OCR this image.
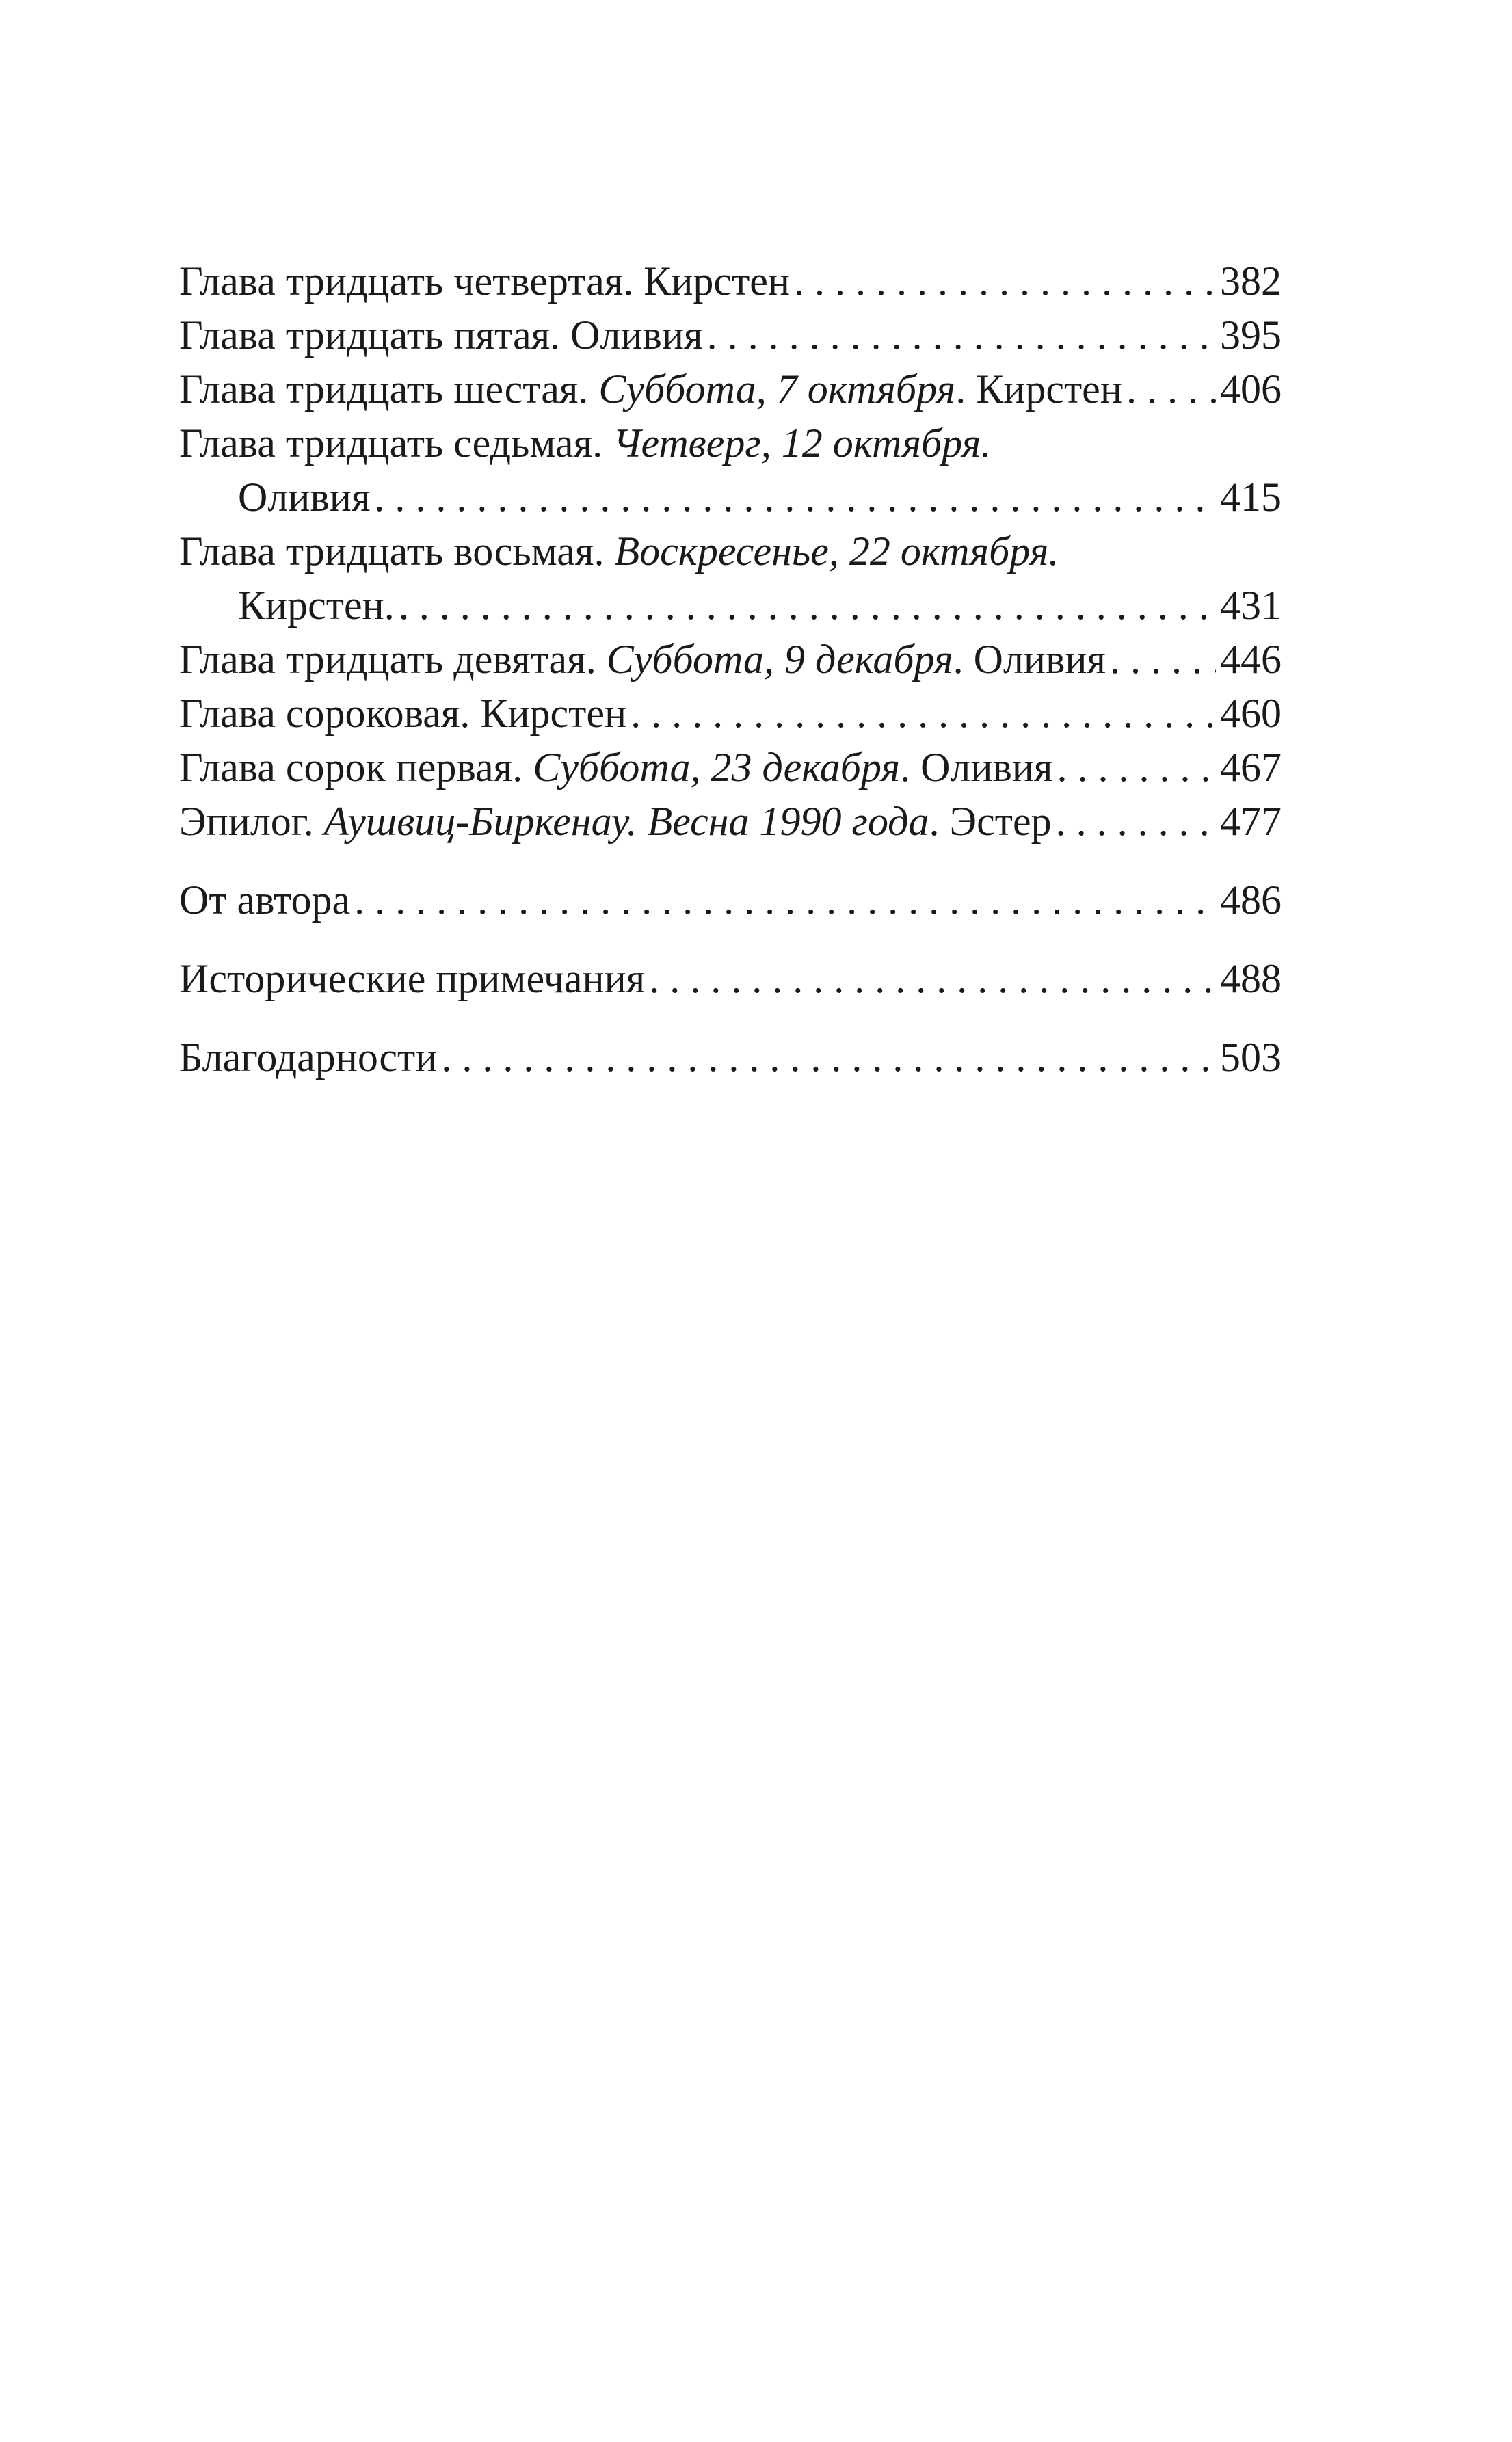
Глава тридцать четвертая. Кирстен . . .	382
Глава тридцать пятая. Оливия . . .	395
Глава тридцать шестая. Суббота, 7 октября. Кирстен . . . 406
Глава тридцать седьмая. Четверг, 12 октября.
Оливия . . .	415
Глава тридцать восьмая. Воскресенье, 22 октября.
Кирстен. . . .	431
Глава тридцать девятая. Суббота, 9 декабря. Оливия . . .	446
Глава сороковая. Кирстен . . .	460
Глава сорок первая. Суббота, 23 декабря. Оливия . . .	467
Эпилог. Аушвиц-Биркенау. Весна 1990 года. Эстер . . .	477
От автора . . .	486
Исторические примечания . . .	488
Благодарности . . .	503
